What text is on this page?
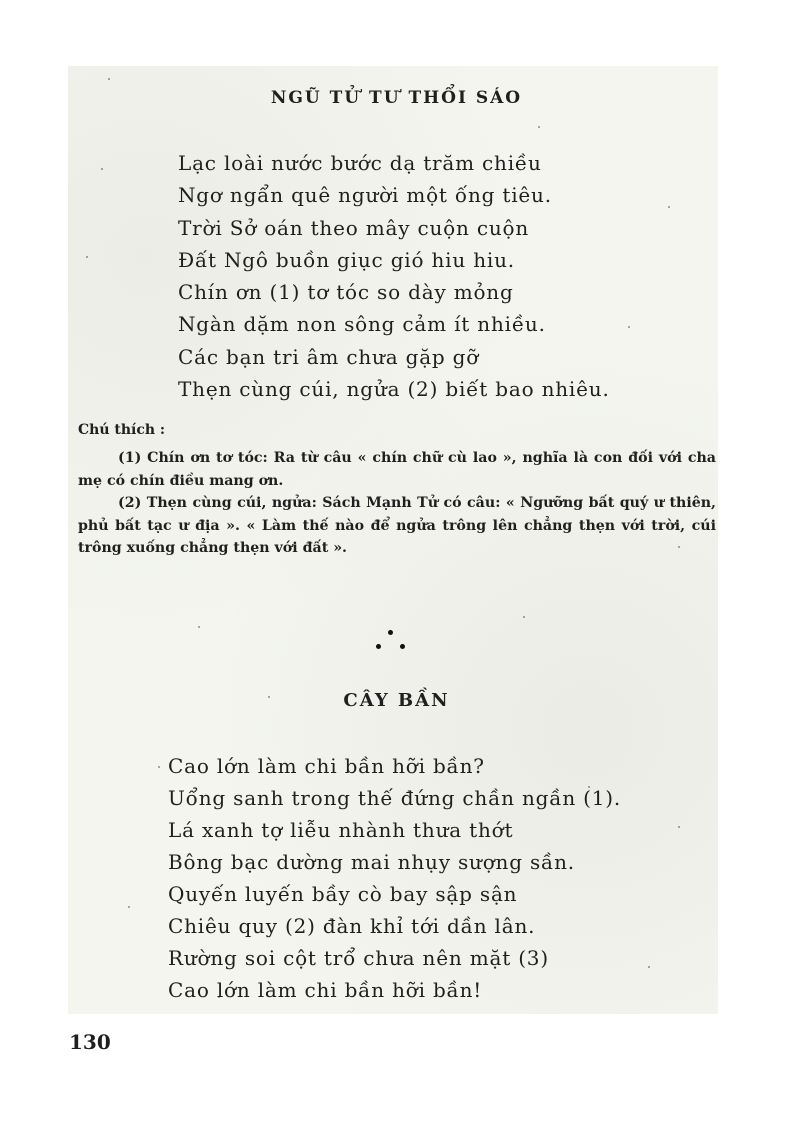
NGŨ TỬ TƯ THỔI SÁO
Lạc loài nước bước dạ trăm chiều
Ngơ ngẩn quê người một ống tiêu.
Trời Sở oán theo mây cuộn cuộn
Đất Ngô buồn giục gió hiu hiu.
Chín ơn (1) tơ tóc so dày mỏng
Ngàn dặm non sông cảm ít nhiều.
Các bạn tri âm chưa gặp gỡ
Thẹn cùng cúi, ngửa (2) biết bao nhiêu.
Chú thích :

(1) Chín ơn tơ tóc: Ra từ câu « chín chữ cù lao », nghĩa là con đối với cha mẹ có chín điều mang ơn.

(2) Thẹn cùng cúi, ngửa: Sách Mạnh Tử có câu: « Ngưỡng bất quý ư thiên, phủ bất tạc ư địa ». « Làm thế nào để ngửa trông lên chẳng thẹn với trời, cúi trông xuống chẳng thẹn với đất ».

CÂY BẦN
Cao lớn làm chi bần hỡi bần?
Uổng sanh trong thế đứng chần ngần (1).
Lá xanh tợ liễu nhành thưa thớt
Bông bạc dường mai nhụy sượng sần.
Quyến luyến bầy cò bay sập sận
Chiêu quy (2) đàn khỉ tới dần lân.
Rường soi cột trổ chưa nên mặt (3)
Cao lớn làm chi bần hỡi bần!
130
